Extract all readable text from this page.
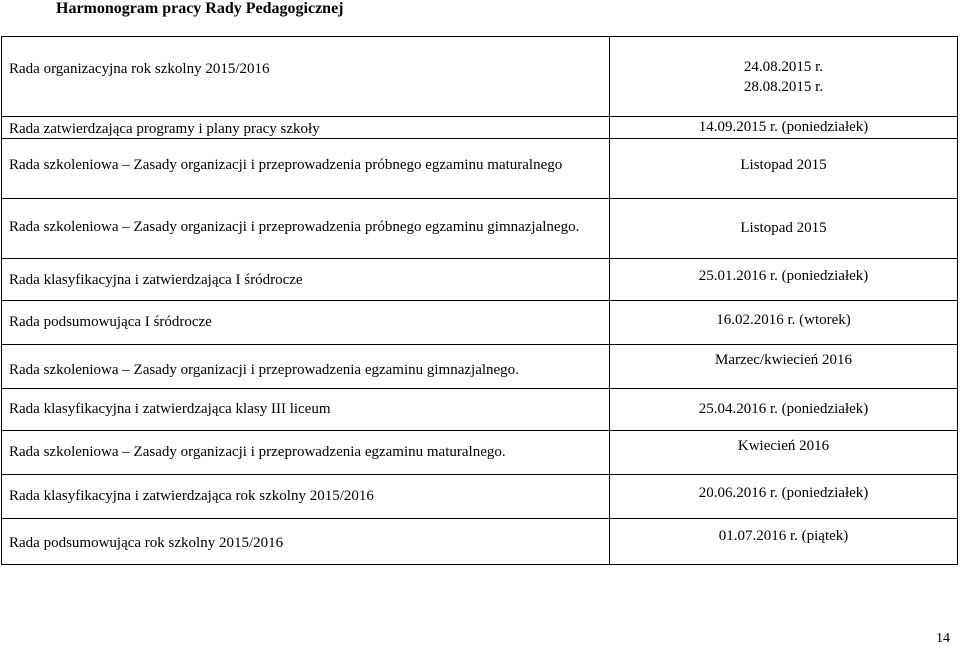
Harmonogram pracy Rady Pedagogicznej
Rada organizacyjna rok szkolny 2015/2016	24.08.2015 r.
28.08.2015 r.

Rada zatwierdzająca programy i plany pracy szkoły	14.09.2015 r. (poniedziałek)

Rada szkoleniowa – Zasady organizacji i przeprowadzenia próbnego egzaminu maturalnego	Listopad 2015

Rada szkoleniowa – Zasady organizacji i przeprowadzenia próbnego egzaminu gimnazjalnego.	Listopad 2015

Rada klasyfikacyjna i zatwierdzająca I śródrocze	25.01.2016 r. (poniedziałek)

Rada podsumowująca I śródrocze	16.02.2016 r. (wtorek)

Rada szkoleniowa – Zasady organizacji i przeprowadzenia egzaminu gimnazjalnego.	Marzec/kwiecień 2016

Rada klasyfikacyjna i zatwierdzająca klasy III liceum	25.04.2016 r. (poniedziałek)

Rada szkoleniowa – Zasady organizacji i przeprowadzenia egzaminu maturalnego.	Kwiecień 2016

Rada klasyfikacyjna i zatwierdzająca rok szkolny 2015/2016	20.06.2016 r. (poniedziałek)

Rada podsumowująca rok szkolny 2015/2016	01.07.2016 r. (piątek)
14
